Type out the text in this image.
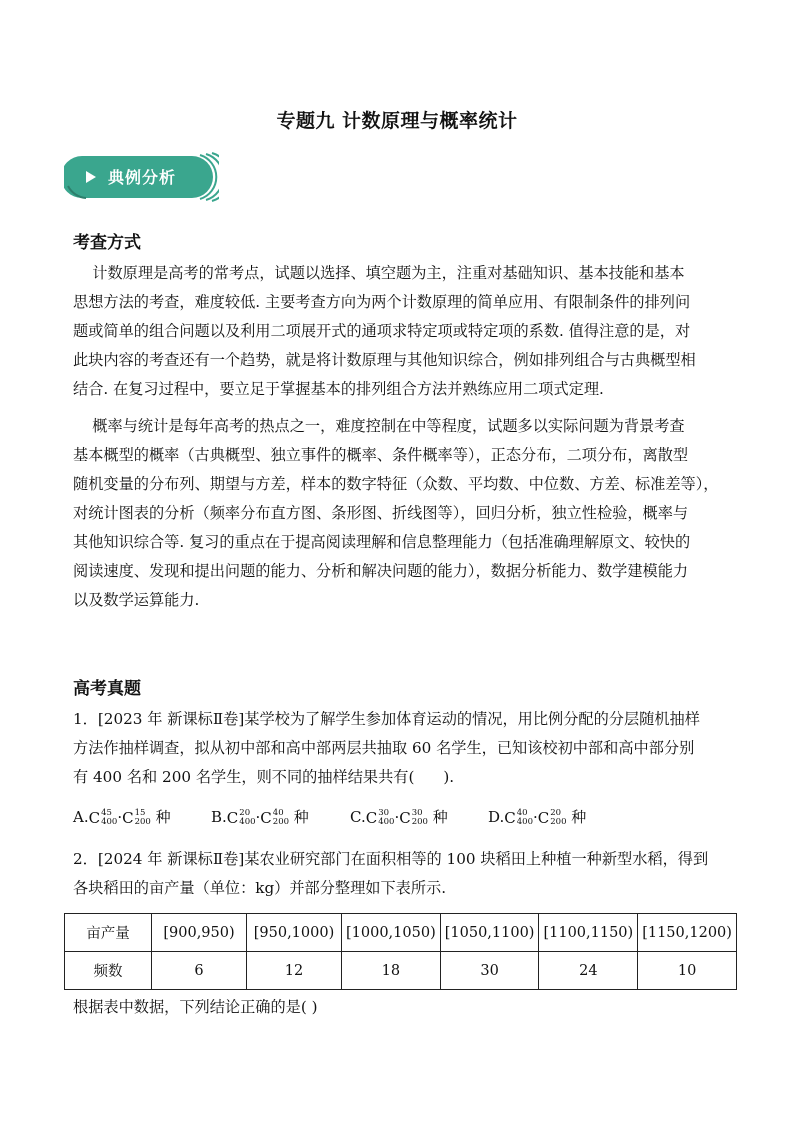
专题九 计数原理与概率统计
典例分析
考查方式
计数原理是高考的常考点，试题以选择、填空题为主，注重对基础知识、基本技能和基本
思想方法的考查，难度较低. 主要考查方向为两个计数原理的简单应用、有限制条件的排列问
题或简单的组合问题以及利用二项展开式的通项求特定项或特定项的系数. 值得注意的是，对
此块内容的考查还有一个趋势，就是将计数原理与其他知识综合，例如排列组合与古典概型相
结合. 在复习过程中，要立足于掌握基本的排列组合方法并熟练应用二项式定理.
概率与统计是每年高考的热点之一，难度控制在中等程度，试题多以实际问题为背景考查
基本概型的概率（古典概型、独立事件的概率、条件概率等），正态分布，二项分布，离散型
随机变量的分布列、期望与方差，样本的数字特征（众数、平均数、中位数、方差、标准差等），
对统计图表的分析（频率分布直方图、条形图、折线图等），回归分析，独立性检验，概率与
其他知识综合等. 复习的重点在于提高阅读理解和信息整理能力（包括准确理解原文、较快的
阅读速度、发现和提出问题的能力、分析和解决问题的能力），数据分析能力、数学建模能力
以及数学运算能力.
高考真题
1．[2023 年 新课标Ⅱ卷]某学校为了解学生参加体育运动的情况，用比例分配的分层随机抽样
方法作抽样调查，拟从初中部和高中部两层共抽取 60 名学生，已知该校初中部和高中部分别
有 400 名和 200 名学生，则不同的抽样结果共有(      ).
A.C 45
400 ·C 15
200 种	B.C 20
400 ·C 40
200 种	C.C 30
400 ·C 30
200 种	D.C 40
400 ·C 20
200 种
2．[2024 年 新课标Ⅱ卷]某农业研究部门在面积相等的 100 块稻田上种植一种新型水稻，得到
各块稻田的亩产量（单位：kg）并部分整理如下表所示.
亩产量	[900,950)	[950,1000)	[1000,1050)	[1050,1100)	[1100,1150)	[1150,1200)
频数	6	12	18	30	24	10
根据表中数据，下列结论正确的是( )
